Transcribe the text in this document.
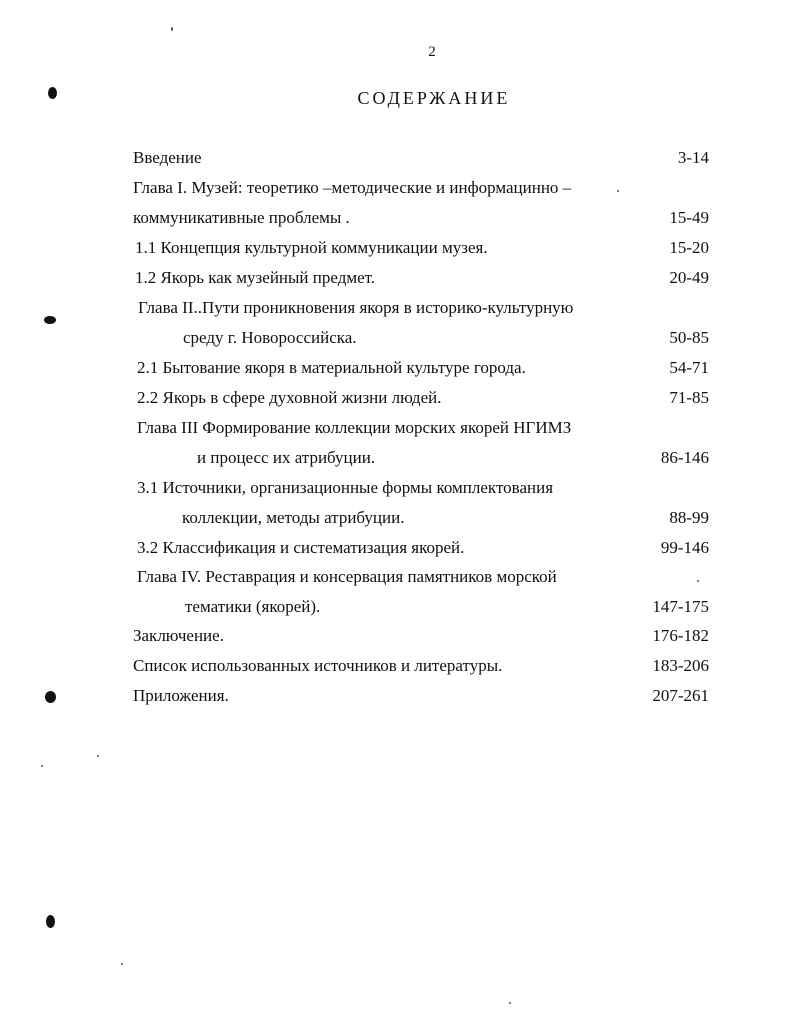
2
СОДЕРЖАНИЕ
Введение	3-14
Глава I. Музей: теоретико –методические и информацинно –
коммуникативные проблемы .	15-49
1.1 Концепция культурной коммуникации музея.	15-20
1.2 Якорь как музейный предмет.	20-49
Глава II..Пути проникновения якоря в историко-культурную
среду г. Новороссийска.	50-85
2.1 Бытование якоря в материальной культуре города.	54-71
2.2 Якорь в сфере духовной жизни людей.	71-85
Глава III Формирование коллекции морских якорей НГИМЗ
и процесс их атрибуции.	86-146
3.1 Источники, организационные формы комплектования
коллекции, методы атрибуции.	88-99
3.2 Классификация и систематизация якорей.	99-146
Глава IV. Реставрация и консервация памятников морской
тематики (якорей).	147-175
Заключение.	176-182
Список использованных источников и литературы.	183-206
Приложения.	207-261
